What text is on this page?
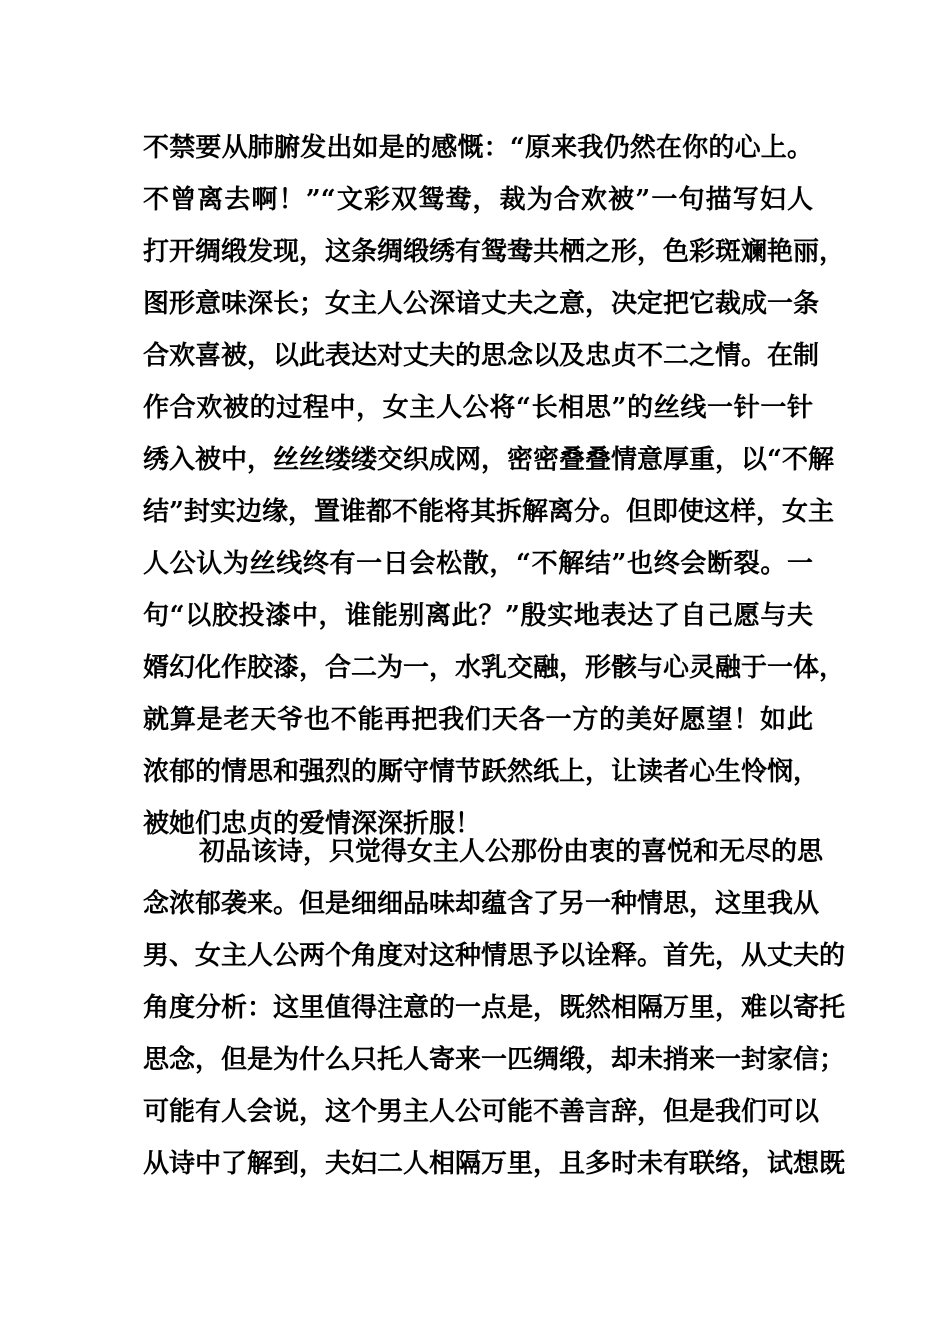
不禁要从肺腑发出如是的感慨：“原来我仍然在你的心上。
不曾离去啊！”“文彩双鸳鸯，裁为合欢被”一句描写妇人
打开绸缎发现，这条绸缎绣有鸳鸯共栖之形，色彩斑斓艳丽，
图形意味深长；女主人公深谙丈夫之意，决定把它裁成一条
合欢喜被，以此表达对丈夫的思念以及忠贞不二之情。在制
作合欢被的过程中，女主人公将“长相思”的丝线一针一针
绣入被中，丝丝缕缕交织成网，密密叠叠情意厚重，以“不解
结”封实边缘，置谁都不能将其拆解离分。但即使这样，女主
人公认为丝线终有一日会松散，“不解结”也终会断裂。一
句“以胶投漆中，谁能别离此？”殷实地表达了自己愿与夫
婿幻化作胶漆，合二为一，水乳交融，形骸与心灵融于一体，
就算是老天爷也不能再把我们天各一方的美好愿望！如此
浓郁的情思和强烈的厮守情节跃然纸上，让读者心生怜悯，
被她们忠贞的爱情深深折服！
初品该诗，只觉得女主人公那份由衷的喜悦和无尽的思
念浓郁袭来。但是细细品味却蕴含了另一种情思，这里我从
男、女主人公两个角度对这种情思予以诠释。首先，从丈夫的
角度分析：这里值得注意的一点是，既然相隔万里，难以寄托
思念，但是为什么只托人寄来一匹绸缎，却未捎来一封家信；
可能有人会说，这个男主人公可能不善言辞，但是我们可以
从诗中了解到，夫妇二人相隔万里，且多时未有联络，试想既
